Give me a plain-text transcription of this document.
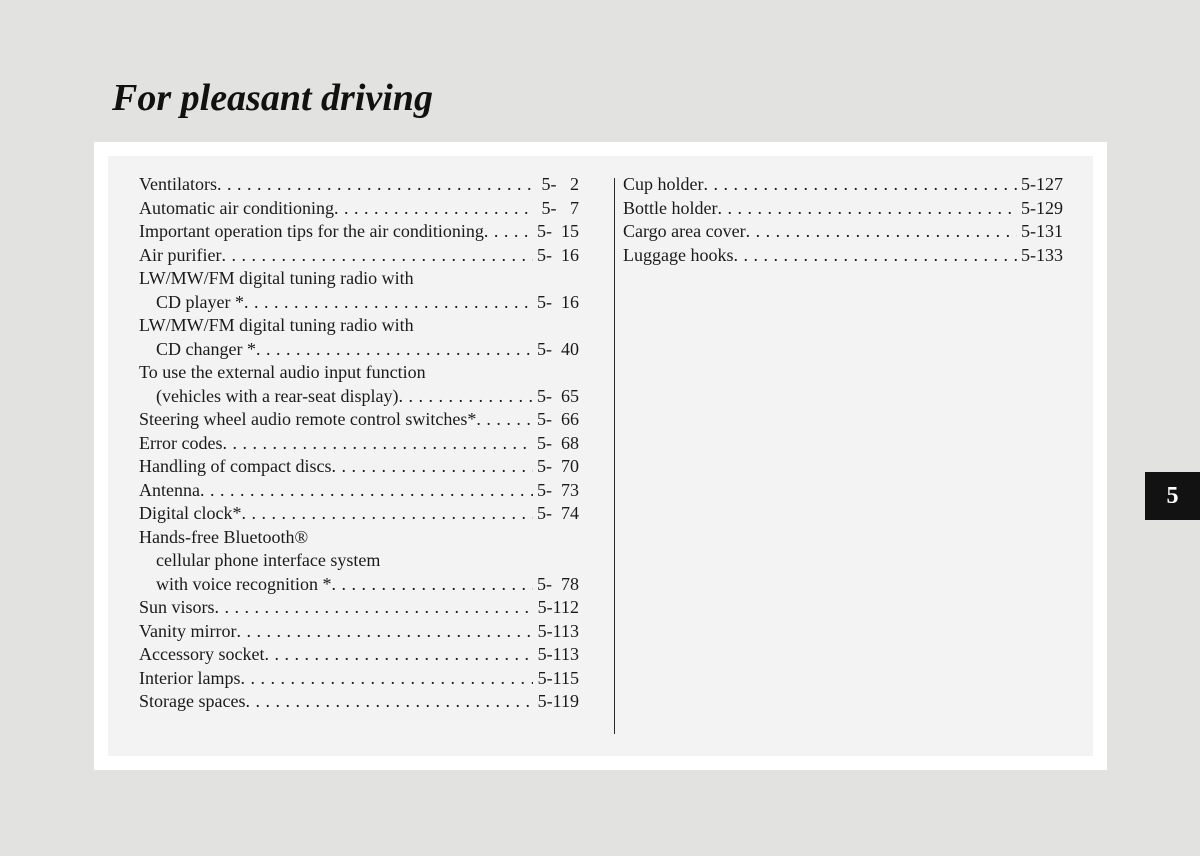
For pleasant driving
Ventilators . . .	5-   2
Automatic air conditioning . . .	5-   7
Important operation tips for the air conditioning . . .	5-  15
Air purifier . . .	5-  16
LW/MW/FM digital tuning radio with
CD player * . . .	5-  16
LW/MW/FM digital tuning radio with
CD changer * . . .	5-  40
To use the external audio input function
(vehicles with a rear-seat display) . . .	5-  65
Steering wheel audio remote control switches* . . .	5-  66
Error codes . . .	5-  68
Handling of compact discs . . .	5-  70
Antenna . . .	5-  73
Digital clock* . . .	5-  74
Hands-free Bluetooth®
cellular phone interface system
with voice recognition * . . .	5-  78
Sun visors . . .	5-112
Vanity mirror . . .	5-113
Accessory socket . . .	5-113
Interior lamps . . .	5-115
Storage spaces . . .	5-119
Cup holder . . .	5-127
Bottle holder . . .	5-129
Cargo area cover . . .	5-131
Luggage hooks . . .	5-133
5
